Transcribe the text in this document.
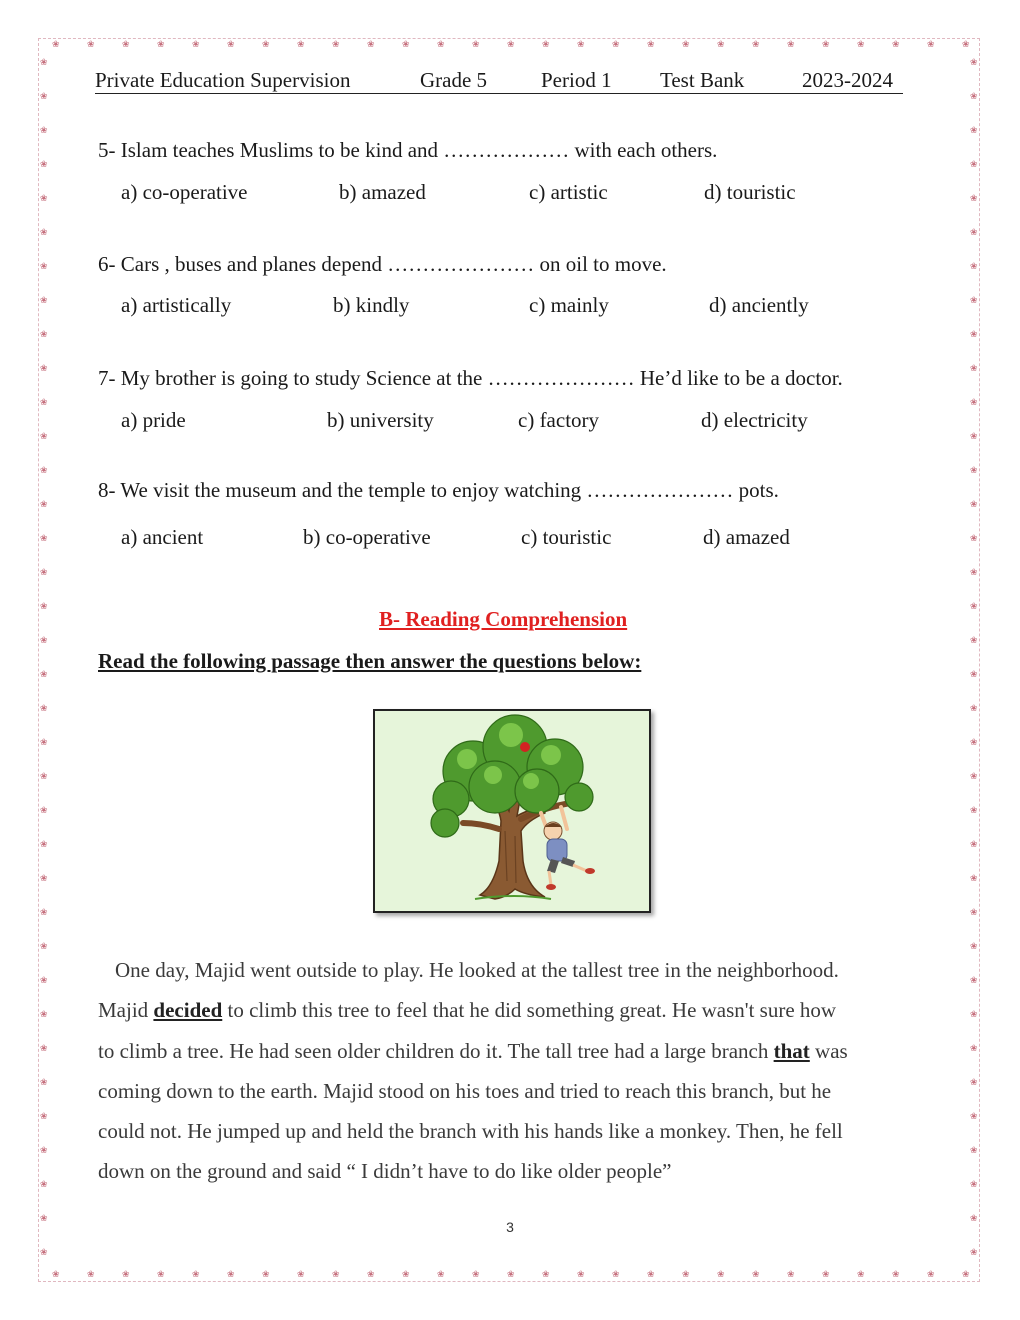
❀
❀
❀
❀
❀
❀
❀
❀
❀
❀
❀
❀
❀
❀
❀
❀
❀
❀
❀
❀
❀
❀
❀
❀
❀
❀
❀
❀
❀
❀
❀
❀
❀
❀
❀
❀
❀
❀
❀
❀
❀
❀
❀
❀
❀
❀
❀
❀
❀
❀
❀
❀
❀
❀
❀	❀
❀	❀
❀	❀
❀	❀
❀	❀
❀	❀
❀	❀
❀	❀
❀	❀
❀	❀
❀	❀
❀	❀
❀	❀
❀	❀
❀	❀
❀	❀
❀	❀
❀	❀
❀	❀
❀	❀
❀	❀
❀	❀
❀	❀
❀	❀
❀	❀
❀	❀
❀	❀
❀	❀
❀	❀
❀	❀
❀	❀
❀	❀
❀	❀
❀	❀
❀	❀
❀	❀
Private Education Supervision	Grade 5	Period 1 Test Bank	2023-2024
5- Islam teaches Muslims to be kind and ……………… with each others.
a) co-operative	b) amazed	c) artistic	d) touristic
6- Cars , buses and planes depend ………………… on oil to move.
a) artistically	b) kindly	c) mainly	d) anciently
7- My brother is going to study Science at the ………………… He’d like to be a doctor.
a) pride	b) university	c) factory	d) electricity
8- We visit the museum and the temple to enjoy watching ………………… pots.
a) ancient	b) co-operative	c) touristic	d) amazed
B- Reading Comprehension
Read the following passage then answer the questions below:
One day, Majid went outside to play. He looked at the tallest tree in the neighborhood.
Majid decided to climb this tree to feel that he did something great. He wasn't sure how
to climb a tree. He had seen older children do it. The tall tree had a large branch that was
coming down to the earth. Majid stood on his toes and tried to reach this branch, but he
could not. He jumped up and held the branch with his hands like a monkey. Then, he fell
down on the ground and said “ I didn’t have to do like older people”
3
